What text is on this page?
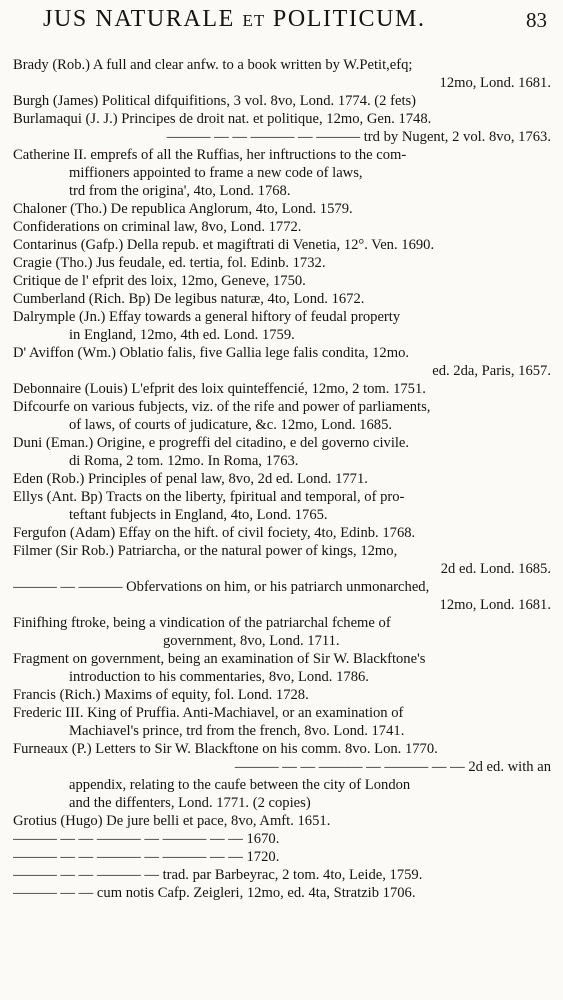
JUS NATURALE ET POLITICUM.	83
Brady (Rob.) A full and clear anfw. to a book written by W.Petit,efq;
12mo, Lond. 1681.
Burgh (James) Political difquifitions, 3 vol. 8vo, Lond. 1774. (2 fets)
Burlamaqui (J. J.) Principes de droit nat. et politique, 12mo, Gen. 1748.
——— — — ——— — ——— trd by Nugent, 2 vol. 8vo, 1763.
Catherine II. emprefs of all the Ruffias, her inftructions to the com-
miffioners appointed to frame a new code of laws,
trd from the origina', 4to, Lond. 1768.
Chaloner (Tho.) De republica Anglorum, 4to, Lond. 1579.
Confiderations on criminal law, 8vo, Lond. 1772.
Contarinus (Gafp.) Della repub. et magiftrati di Venetia, 12°. Ven. 1690.
Cragie (Tho.) Jus feudale, ed. tertia, fol. Edinb. 1732.
Critique de l' efprit des loix, 12mo, Geneve, 1750.
Cumberland (Rich. Bp) De legibus naturæ, 4to, Lond. 1672.
Dalrymple (Jn.) Effay towards a general hiftory of feudal property
in England, 12mo, 4th ed. Lond. 1759.
D' Aviffon (Wm.) Oblatio falis, five Gallia lege falis condita, 12mo.
ed. 2da, Paris, 1657.
Debonnaire (Louis) L'efprit des loix quinteffencié, 12mo, 2 tom. 1751.
Difcourfe on various fubjects, viz. of the rife and power of parliaments,
of laws, of courts of judicature, &c. 12mo, Lond. 1685.
Duni (Eman.) Origine, e progreffi del citadino, e del governo civile.
di Roma, 2 tom. 12mo. In Roma, 1763.
Eden (Rob.) Principles of penal law, 8vo, 2d ed. Lond. 1771.
Ellys (Ant. Bp) Tracts on the liberty, fpiritual and temporal, of pro-
teftant fubjects in England, 4to, Lond. 1765.
Fergufon (Adam) Effay on the hift. of civil fociety, 4to, Edinb. 1768.
Filmer (Sir Rob.) Patriarcha, or the natural power of kings, 12mo,
2d ed. Lond. 1685.
——— — ——— Obfervations on him, or his patriarch unmonarched,
12mo, Lond. 1681.
Finifhing ftroke, being a vindication of the patriarchal fcheme of
government, 8vo, Lond. 1711.
Fragment on government, being an examination of Sir W. Blackftone's
introduction to his commentaries, 8vo, Lond. 1786.
Francis (Rich.) Maxims of equity, fol. Lond. 1728.
Frederic III. King of Pruffia. Anti-Machiavel, or an examination of
Machiavel's prince, trd from the french, 8vo. Lond. 1741.
Furneaux (P.) Letters to Sir W. Blackftone on his comm. 8vo. Lon. 1770.
——— — — ——— — ——— — — 2d ed. with an
appendix, relating to the caufe between the city of London
and the diffenters, Lond. 1771. (2 copies)
Grotius (Hugo) De jure belli et pace, 8vo, Amft. 1651.
——— — — ——— — ——— — — 1670.
——— — — ——— — ——— — — 1720.
——— — — ——— — trad. par Barbeyrac, 2 tom. 4to, Leide, 1759.
——— — — cum notis Cafp. Zeigleri, 12mo, ed. 4ta, Stratzib 1706.
